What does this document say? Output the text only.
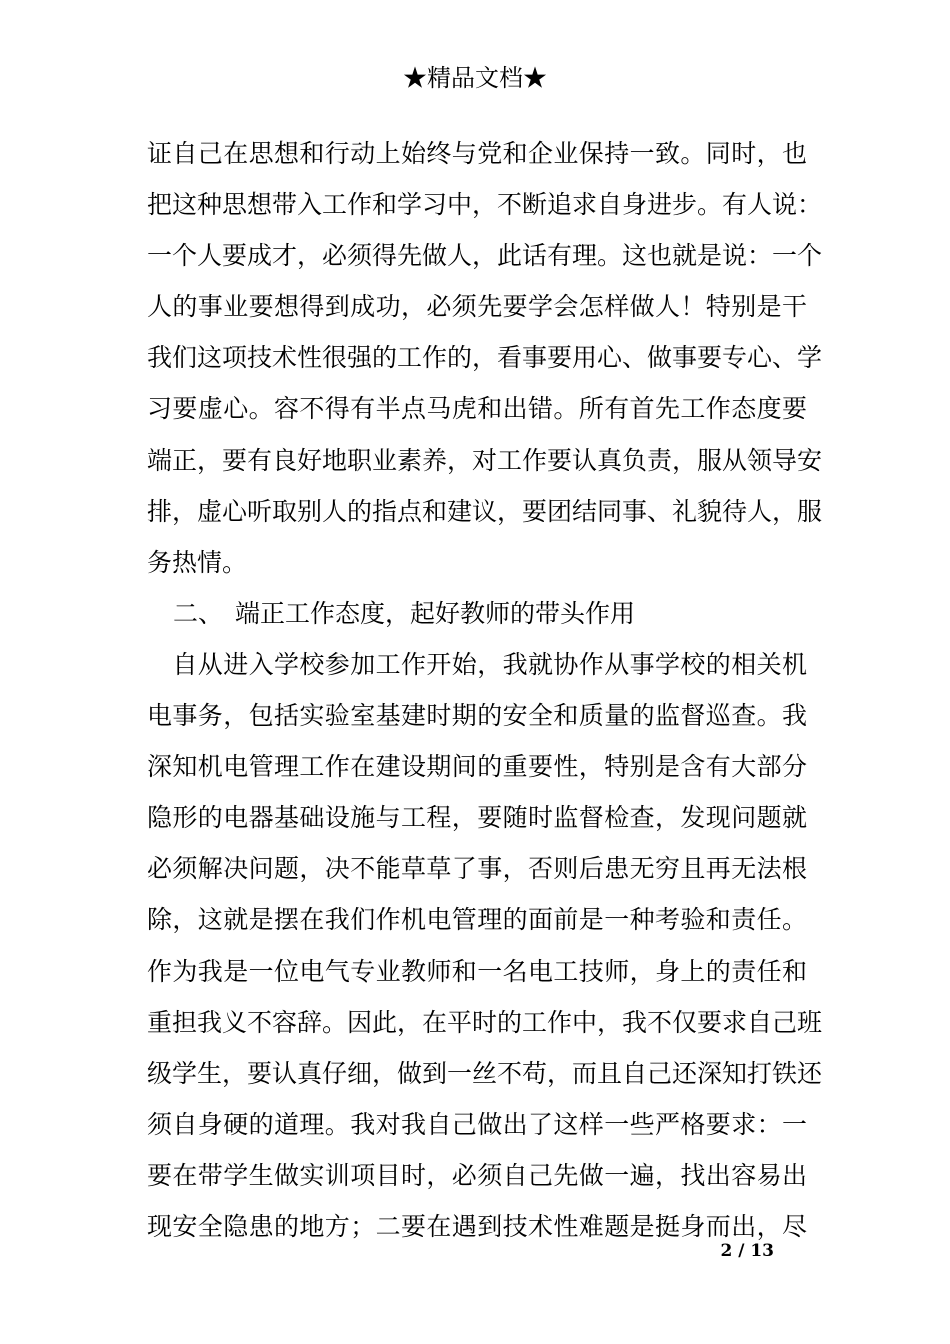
★精品文档★
证自己在思想和行动上始终与党和企业保持一致。同时，也
把这种思想带入工作和学习中，不断追求自身进步。有人说：
一个人要成才，必须得先做人，此话有理。这也就是说：一个
人的事业要想得到成功，必须先要学会怎样做人！特别是干
我们这项技术性很强的工作的，看事要用心、做事要专心、学
习要虚心。容不得有半点马虎和出错。所有首先工作态度要
端正，要有良好地职业素养，对工作要认真负责，服从领导安
排，虚心听取别人的指点和建议，要团结同事、礼貌待人，服
务热情。
二、 端正工作态度，起好教师的带头作用
　自从进入学校参加工作开始，我就协作从事学校的相关机
电事务，包括实验室基建时期的安全和质量的监督巡查。我
深知机电管理工作在建设期间的重要性，特别是含有大部分
隐形的电器基础设施与工程，要随时监督检查，发现问题就
必须解决问题，决不能草草了事，否则后患无穷且再无法根
除，这就是摆在我们作机电管理的面前是一种考验和责任。
作为我是一位电气专业教师和一名电工技师，身上的责任和
重担我义不容辞。因此，在平时的工作中，我不仅要求自己班
级学生，要认真仔细，做到一丝不苟，而且自己还深知打铁还
须自身硬的道理。我对我自己做出了这样一些严格要求：一
要在带学生做实训项目时，必须自己先做一遍，找出容易出
现安全隐患的地方；二要在遇到技术性难题是挺身而出，尽
2 / 13
